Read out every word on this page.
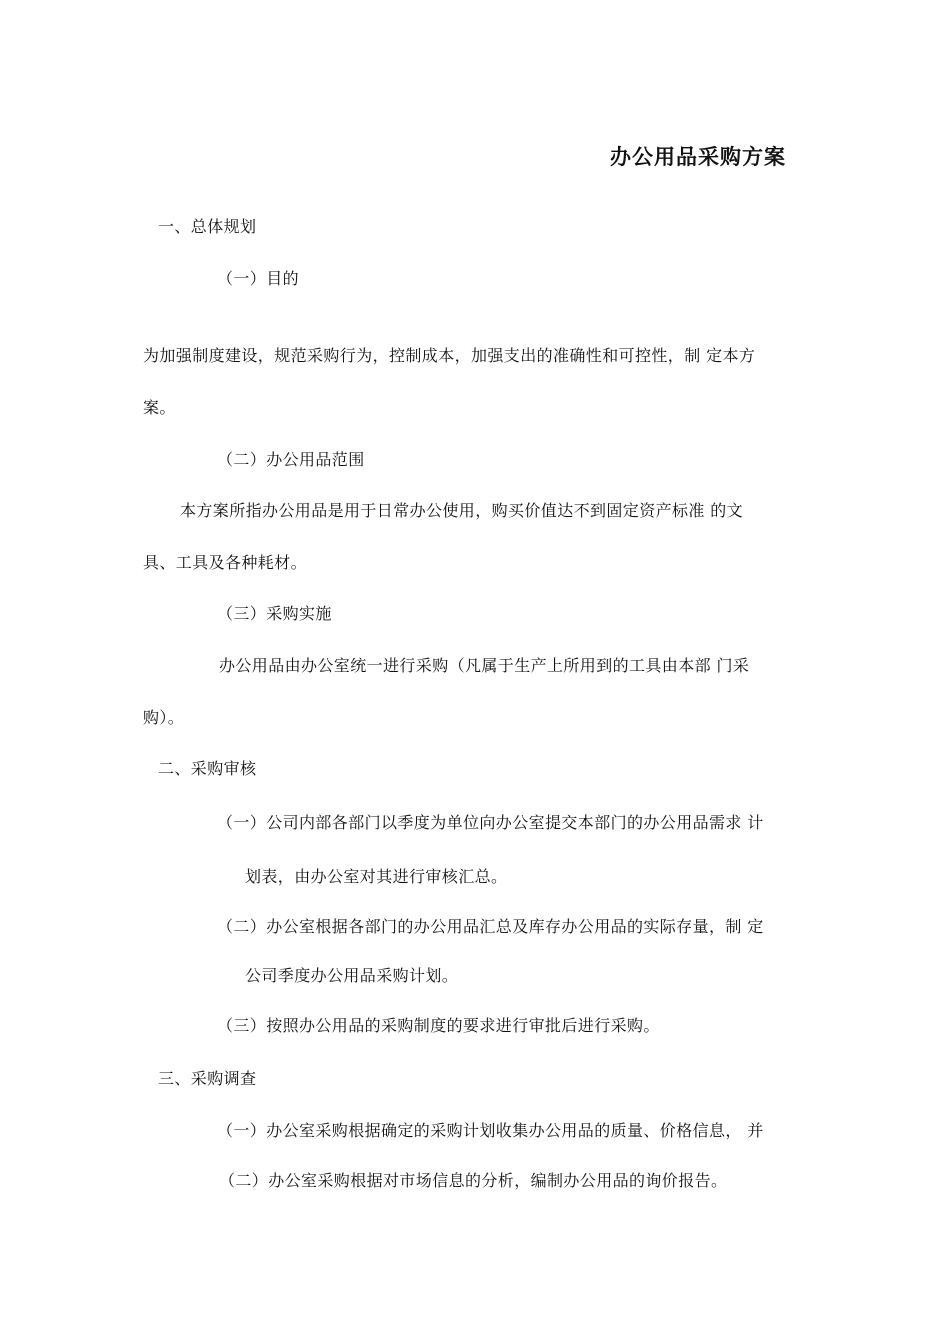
办公用品采购方案
一、总体规划
（一）目的
为加强制度建设，规范采购行为，控制成本，加强支出的准确性和可控性，制 定本方
案。
（二）办公用品范围
本方案所指办公用品是用于日常办公使用，购买价值达不到固定资产标准 的文
具、工具及各种耗材。
（三）采购实施
办公用品由办公室统一进行采购（凡属于生产上所用到的工具由本部 门采
购）。
二、采购审核
（一）公司内部各部门以季度为单位向办公室提交本部门的办公用品需求 计
划表，由办公室对其进行审核汇总。
（二）办公室根据各部门的办公用品汇总及库存办公用品的实际存量，制 定
公司季度办公用品采购计划。
（三）按照办公用品的采购制度的要求进行审批后进行采购。
三、采购调查
（一）办公室采购根据确定的采购计划收集办公用品的质量、价格信息， 并
（二）办公室采购根据对市场信息的分析，编制办公用品的询价报告。
